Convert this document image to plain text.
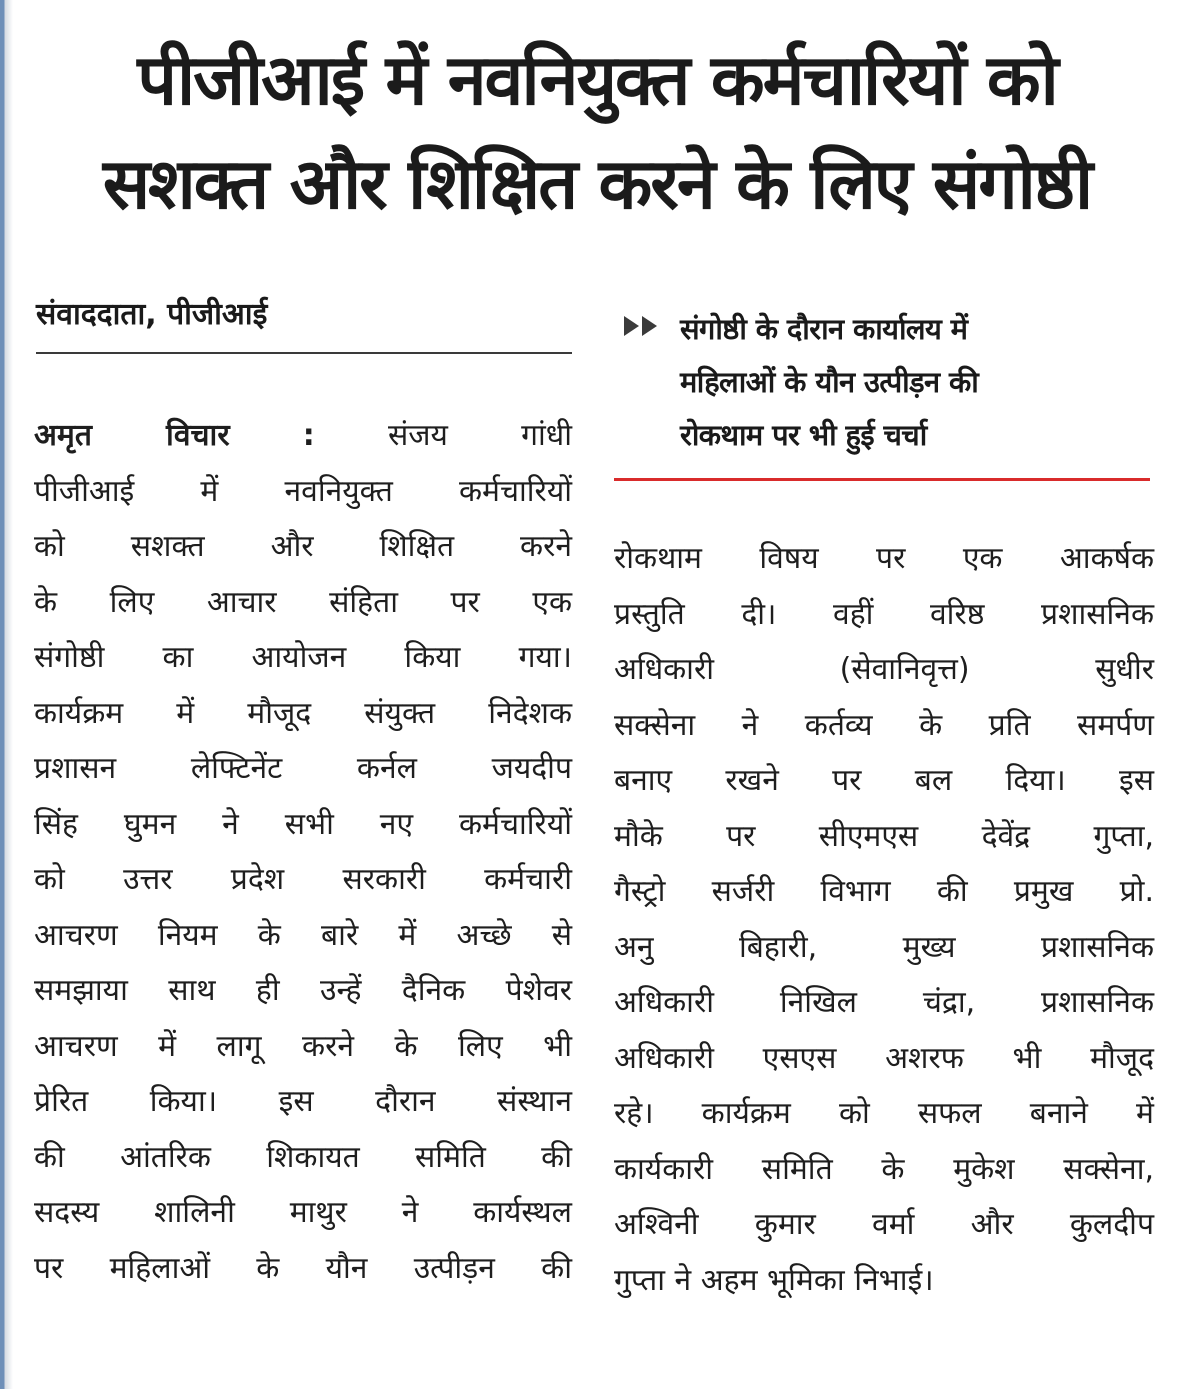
पीजीआई में नवनियुक्त कर्मचारियों को
सशक्त और शिक्षित करने के लिए संगोष्ठी
संवाददाता, पीजीआई	संगोष्ठी के दौरान कार्यालय में
महिलाओं के यौन उत्पीड़न की
रोकथाम पर भी हुई चर्चा
अमृत विचार : संजय गांधी
पीजीआई में नवनियुक्त कर्मचारियों
को सशक्त और शिक्षित करने
के लिए आचार संहिता पर एक
संगोष्ठी का आयोजन किया गया।
कार्यक्रम में मौजूद संयुक्त निदेशक
प्रशासन लेफ्टिनेंट कर्नल जयदीप
सिंह घुमन ने सभी नए कर्मचारियों
को उत्तर प्रदेश सरकारी कर्मचारी
आचरण नियम के बारे में अच्छे से
समझाया साथ ही उन्हें दैनिक पेशेवर
आचरण में लागू करने के लिए भी
प्रेरित किया। इस दौरान संस्थान
की आंतरिक शिकायत समिति की
सदस्य शालिनी माथुर ने कार्यस्थल
पर महिलाओं के यौन उत्पीड़न की
रोकथाम विषय पर एक आकर्षक
प्रस्तुति दी। वहीं वरिष्ठ प्रशासनिक
अधिकारी (सेवानिवृत्त) सुधीर
सक्सेना ने कर्तव्य के प्रति समर्पण
बनाए रखने पर बल दिया। इस
मौके पर सीएमएस देवेंद्र गुप्ता,
गैस्ट्रो सर्जरी विभाग की प्रमुख प्रो.
अनु बिहारी, मुख्य प्रशासनिक
अधिकारी निखिल चंद्रा, प्रशासनिक
अधिकारी एसएस अशरफ भी मौजूद
रहे। कार्यक्रम को सफल बनाने में
कार्यकारी समिति के मुकेश सक्सेना,
अश्विनी कुमार वर्मा और कुलदीप
गुप्ता ने अहम भूमिका निभाई।
